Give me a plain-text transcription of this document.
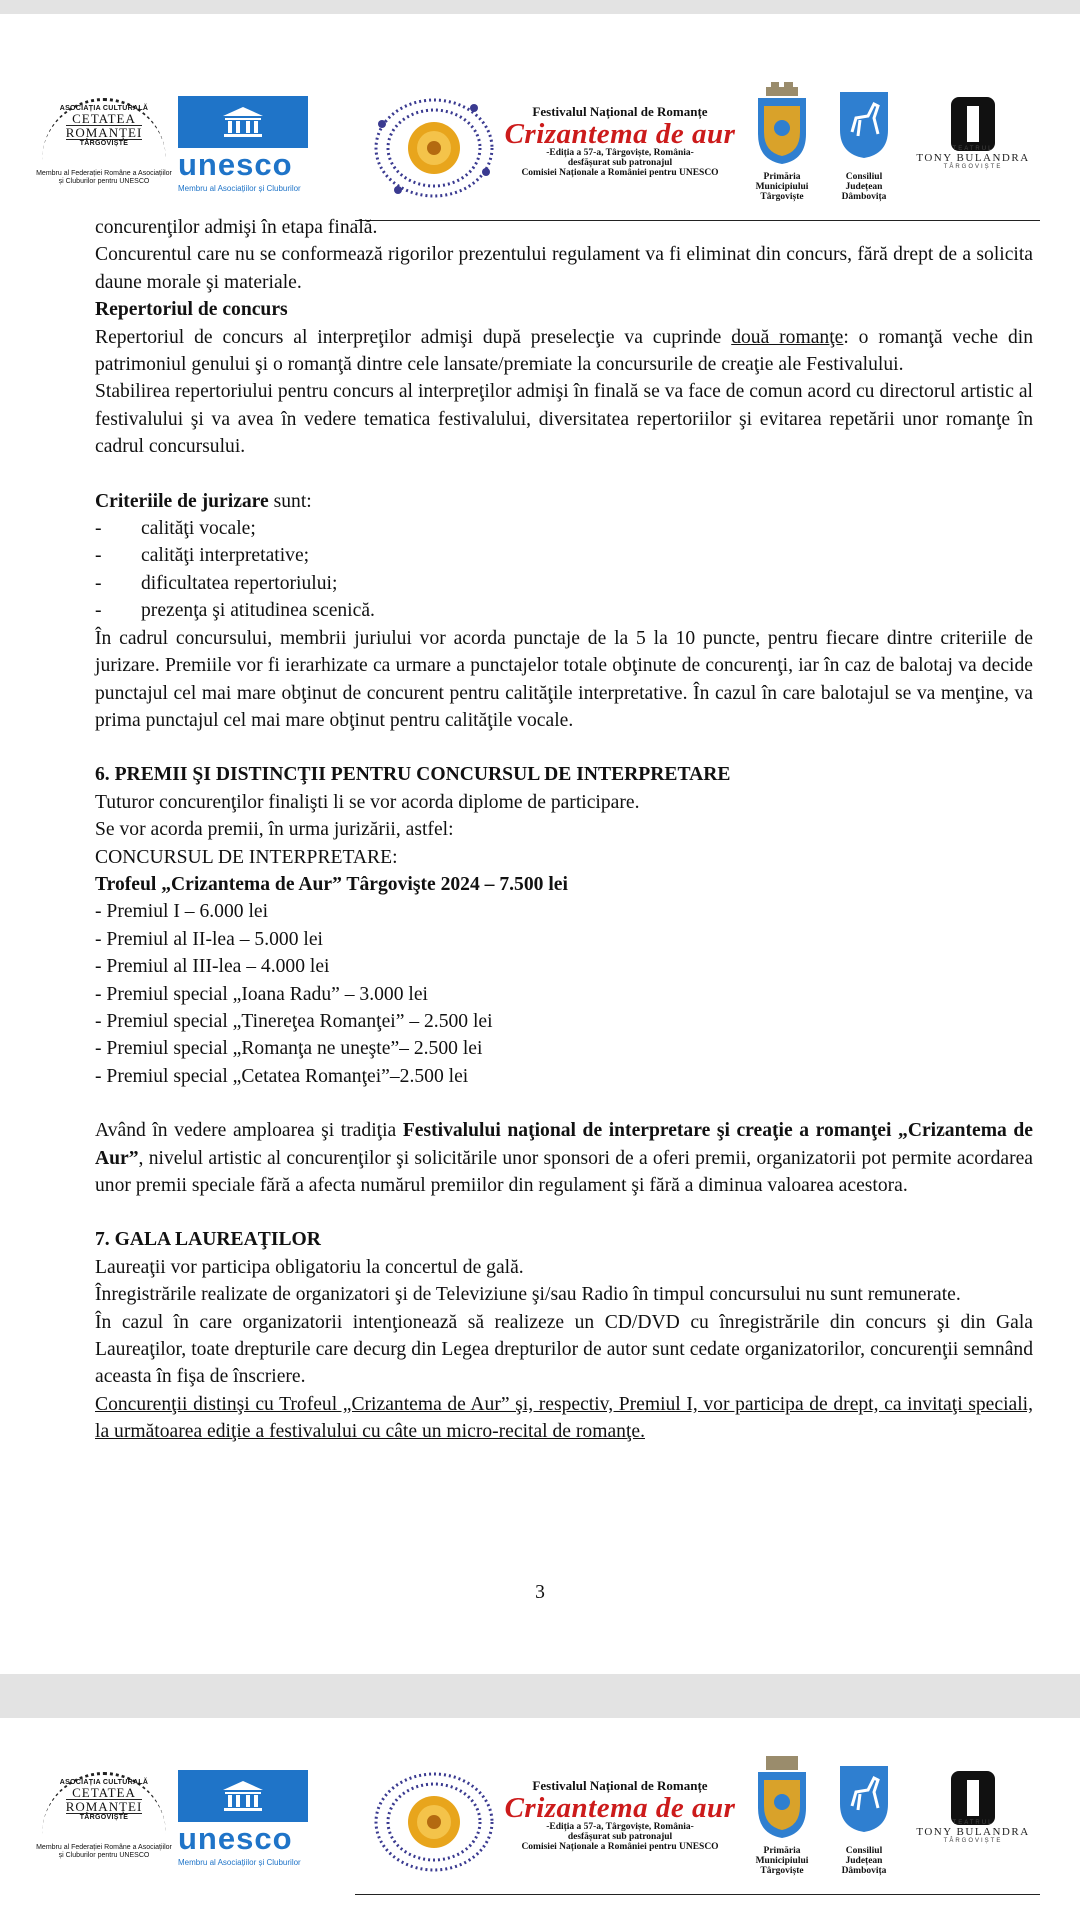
ASOCIAȚIA CULTURALĂ
CETATEA
ROMANȚEI
TÂRGOVIȘTE
Membru al Federației Române a Asociațiilor și Cluburilor pentru UNESCO unesco
Membru al Asociațiilor și Cluburilor
Festivalul Național de Romanțe
Crizantema de aur
-Ediția a 57-a, Târgoviște, România-
desfășurat sub patronajul
Comisiei Naționale a României pentru UNESCO	Primăria
Municipiului
Târgoviște
Consiliul
Județean
Dâmbovița
TEATRUL
TONY BULANDRA
TÂRGOVIȘTE

concurenţilor admişi în etapa finală.

Concurentul care nu se conformează rigorilor prezentului regulament va fi eliminat din concurs, fără drept de a solicita daune morale şi materiale.

Repertoriul de concurs

Repertoriul de concurs al interpreţilor admişi după preselecţie va cuprinde două romanţe: o romanţă veche din patrimoniul genului şi o romanţă dintre cele lansate/premiate la concursurile de creaţie ale Festivalului.

Stabilirea repertoriului pentru concurs al interpreţilor admişi în finală se va face de comun acord cu directorul artistic al festivalului şi va avea în vedere tematica festivalului, diversitatea repertoriilor şi evitarea repetării unor romanţe în cadrul concursului.

Criteriile de jurizare sunt:

-	calităţi vocale;
-	calităţi interpretative;
-	dificultatea repertoriului;
-	prezenţa şi atitudinea scenică.

În cadrul concursului, membrii juriului vor acorda punctaje de la 5 la 10 puncte, pentru fiecare dintre criteriile de jurizare. Premiile vor fi ierarhizate ca urmare a punctajelor totale obţinute de concurenţi, iar în caz de balotaj va decide punctajul cel mai mare obţinut de concurent pentru calităţile interpretative. În cazul în care balotajul se va menţine, va prima punctajul cel mai mare obţinut pentru calităţile vocale.

6. PREMII ŞI DISTINCŢII PENTRU CONCURSUL DE INTERPRETARE

Tuturor concurenţilor finalişti li se vor acorda diplome de participare.

Se vor acorda premii, în urma jurizării, astfel:

CONCURSUL DE INTERPRETARE:

Trofeul „Crizantema de Aur” Târgovişte 2024 – 7.500 lei

- Premiul I – 6.000 lei

- Premiul al II-lea – 5.000 lei

- Premiul al III-lea – 4.000 lei

- Premiul special „Ioana Radu” – 3.000 lei

- Premiul special „Tinereţea Romanţei” – 2.500 lei

- Premiul special „Romanţa ne uneşte”– 2.500 lei

- Premiul special „Cetatea Romanţei”–2.500 lei

Având în vedere amploarea şi tradiţia Festivalului naţional de interpretare şi creaţie a romanţei „Crizantema de Aur”, nivelul artistic al concurenţilor şi solicitările unor sponsori de a oferi premii, organizatorii pot permite acordarea unor premii speciale fără a afecta numărul premiilor din regulament şi fără a diminua valoarea acestora.

7. GALA LAUREAŢILOR

Laureaţii vor participa obligatoriu la concertul de gală.

Înregistrările realizate de organizatori şi de Televiziune şi/sau Radio în timpul concursului nu sunt remunerate.

În cazul în care organizatorii intenţionează să realizeze un CD/DVD cu înregistrările din concurs şi din Gala Laureaţilor, toate drepturile care decurg din Legea drepturilor de autor sunt cedate organizatorilor, concurenţii semnând aceasta în fişa de înscriere.

Concurenţii distinşi cu Trofeul „Crizantema de Aur” şi, respectiv, Premiul I, vor participa de drept, ca invitaţi speciali, la următoarea ediţie a festivalului cu câte un micro-recital de romanţe.

3
ASOCIAȚIA CULTURALĂ
CETATEA
ROMANȚEI
TÂRGOVIȘTE
Membru al Federației Române a Asociațiilor și Cluburilor pentru UNESCO unesco
Membru al Asociațiilor și Cluburilor
Festivalul Național de Romanțe
Crizantema de aur
-Ediția a 57-a, Târgoviște, România-
desfășurat sub patronajul
Comisiei Naționale a României pentru UNESCO	Primăria
Municipiului
Târgoviște
Consiliul
Județean
Dâmbovița
TEATRUL
TONY BULANDRA
TÂRGOVIȘTE
